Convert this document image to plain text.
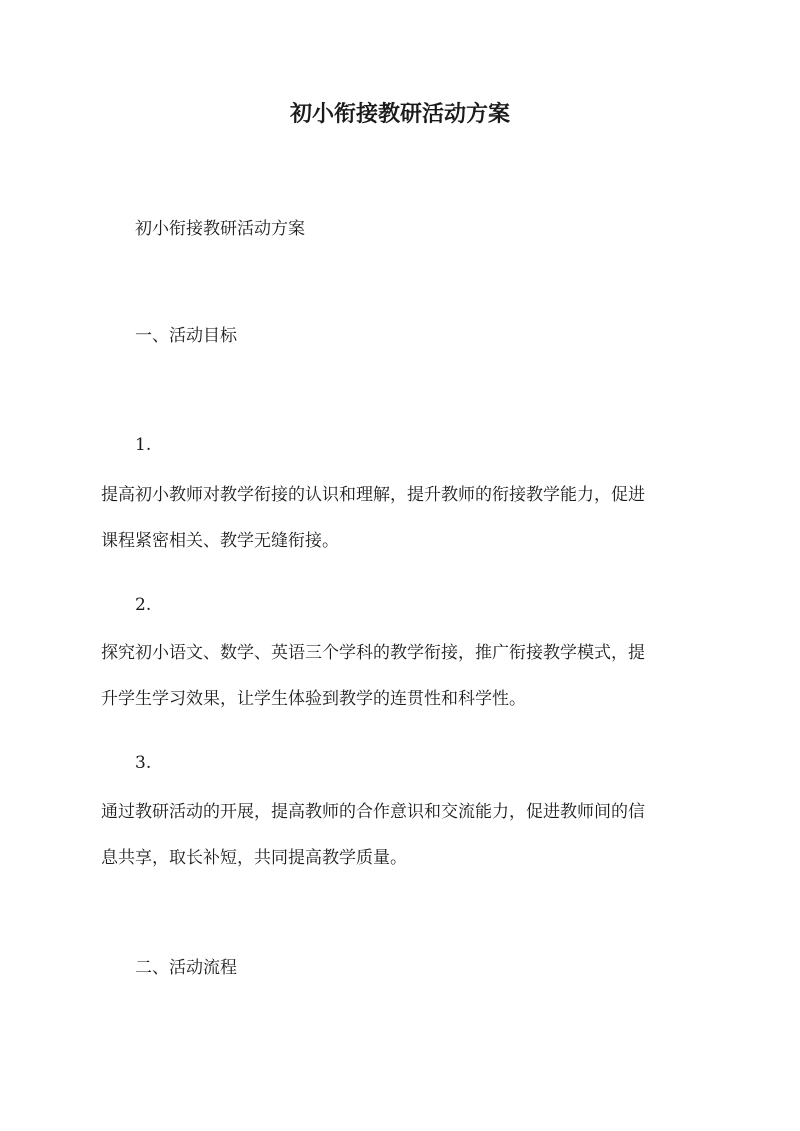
初小衔接教研活动方案

初小衔接教研活动方案

一、活动目标

1.

提高初小教师对教学衔接的认识和理解，提升教师的衔接教学能力，促进

课程紧密相关、教学无缝衔接。

2.

探究初小语文、数学、英语三个学科的教学衔接，推广衔接教学模式，提

升学生学习效果，让学生体验到教学的连贯性和科学性。

3.

通过教研活动的开展，提高教师的合作意识和交流能力，促进教师间的信

息共享，取长补短，共同提高教学质量。

二、活动流程
